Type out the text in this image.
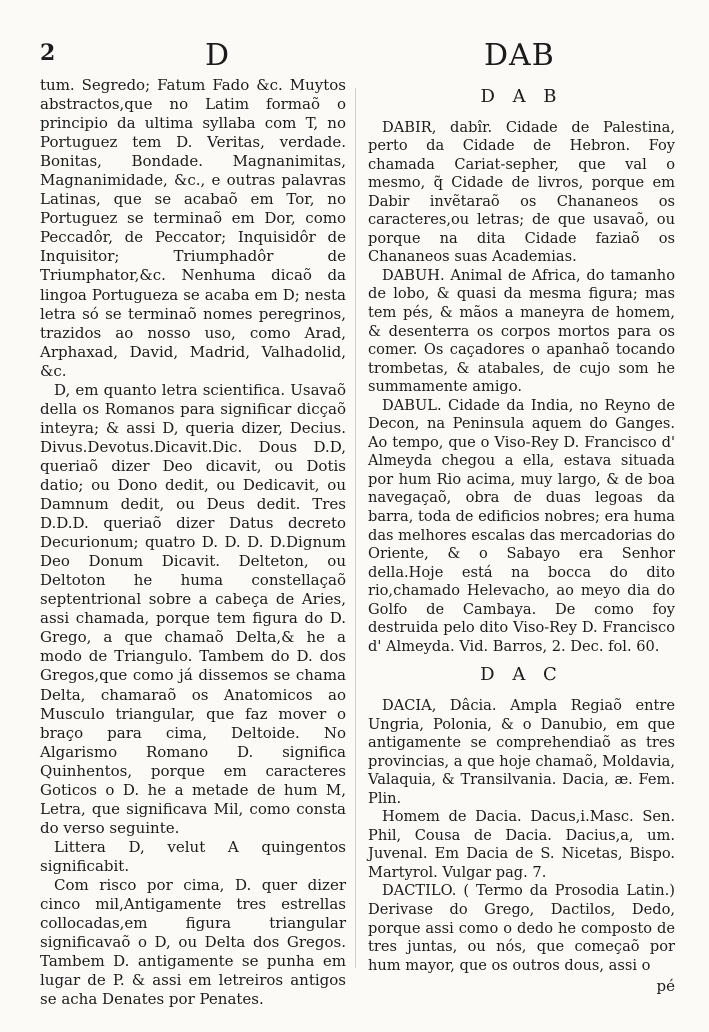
2	D	DAB

tum. Segredo; Fatum Fado &c. Muytos abstractos,que no Latim formaõ o principio da ultima syllaba com T, no Portuguez tem D. Veritas, verdade. Bonitas, Bondade. Magnanimitas, Magnanimidade, &c., e outras palavras Latinas, que se acabaõ em Tor, no Portuguez se terminaõ em Dor, como Peccadôr, de Peccator; Inquisidôr de Inquisitor; Triumphadôr de Triumphator,&c. Nenhuma dicaõ da lingoa Portugueza se acaba em D; nesta letra só se terminaõ nomes peregrinos, trazidos ao nosso uso, como Arad, Arphaxad, David, Madrid, Valhadolid, &c.

D, em quanto letra scientifica. Usavaõ della os Romanos para significar dicçaõ inteyra; & assi D, queria dizer, Decius. Divus.Devotus.Dicavit.Dic. Dous D.D, queriaõ dizer Deo dicavit, ou Dotis datio; ou Dono dedit, ou Dedicavit, ou Damnum dedit, ou Deus dedit. Tres D.D.D. queriaõ dizer Datus decreto Decurionum; quatro D. D. D. D.Dignum Deo Donum Dicavit. Delteton, ou Deltoton he huma constellaçaõ septentrional sobre a cabeça de Aries, assi chamada, porque tem figura do D. Grego, a que chamaõ Delta,& he a modo de Triangulo. Tambem do D. dos Gregos,que como já dissemos se chama Delta, chamaraõ os Anatomicos ao Musculo triangular, que faz mover o braço para cima, Deltoide. No Algarismo Romano D. significa Quinhentos, porque em caracteres Goticos o D. he a metade de hum M, Letra, que significava Mil, como consta do verso seguinte.

Littera D, velut A quingentos significabit.

Com risco por cima, D. quer dizer cinco mil,Antigamente tres estrellas collocadas,em figura triangular significavaõ o D, ou Delta dos Gregos. Tambem D. antigamente se punha em lugar de P. & assi em letreiros antigos se acha Denates por Penates.

D A B

DABIR, dabîr. Cidade de Palestina, perto da Cidade de Hebron. Foy chamada Cariat-sepher, que val o mesmo, q̃ Cidade de livros, porque em Dabir invẽtaraõ os Chananeos os caracteres,ou letras; de que usavaõ, ou porque na dita Cidade faziaõ os Chananeos suas Academias.

DABUH. Animal de Africa, do tamanho de lobo, & quasi da mesma figura; mas tem pés, & mãos a maneyra de homem, & desenterra os corpos mortos para os comer. Os caçadores o apanhaõ tocando trombetas, & atabales, de cujo som he summamente amigo.

DABUL. Cidade da India, no Reyno de Decon, na Peninsula aquem do Ganges. Ao tempo, que o Viso-Rey D. Francisco d' Almeyda chegou a ella, estava situada por hum Rio acima, muy largo, & de boa navegaçaõ, obra de duas legoas da barra, toda de edificios nobres; era huma das melhores escalas das mercadorias do Oriente, & o Sabayo era Senhor della.Hoje está na bocca do dito rio,chamado Helevacho, ao meyo dia do Golfo de Cambaya. De como foy destruida pelo dito Viso-Rey D. Francisco d' Almeyda. Vid. Barros, 2. Dec. fol. 60.

D A C

DACIA, Dâcia. Ampla Regiaõ entre Ungria, Polonia, & o Danubio, em que antigamente se comprehendiaõ as tres provincias, a que hoje chamaõ, Moldavia, Valaquia, & Transilvania. Dacia, æ. Fem. Plin.

Homem de Dacia. Dacus,i.Masc. Sen. Phil, Cousa de Dacia. Dacius,a, um. Juvenal. Em Dacia de S. Nicetas, Bispo. Martyrol. Vulgar pag. 7.

DACTILO. ( Termo da Prosodia Latin.) Derivase do Grego, Dactilos, Dedo, porque assi como o dedo he composto de tres juntas, ou nós, que começaõ por hum mayor, que os outros dous, assi o

pé
